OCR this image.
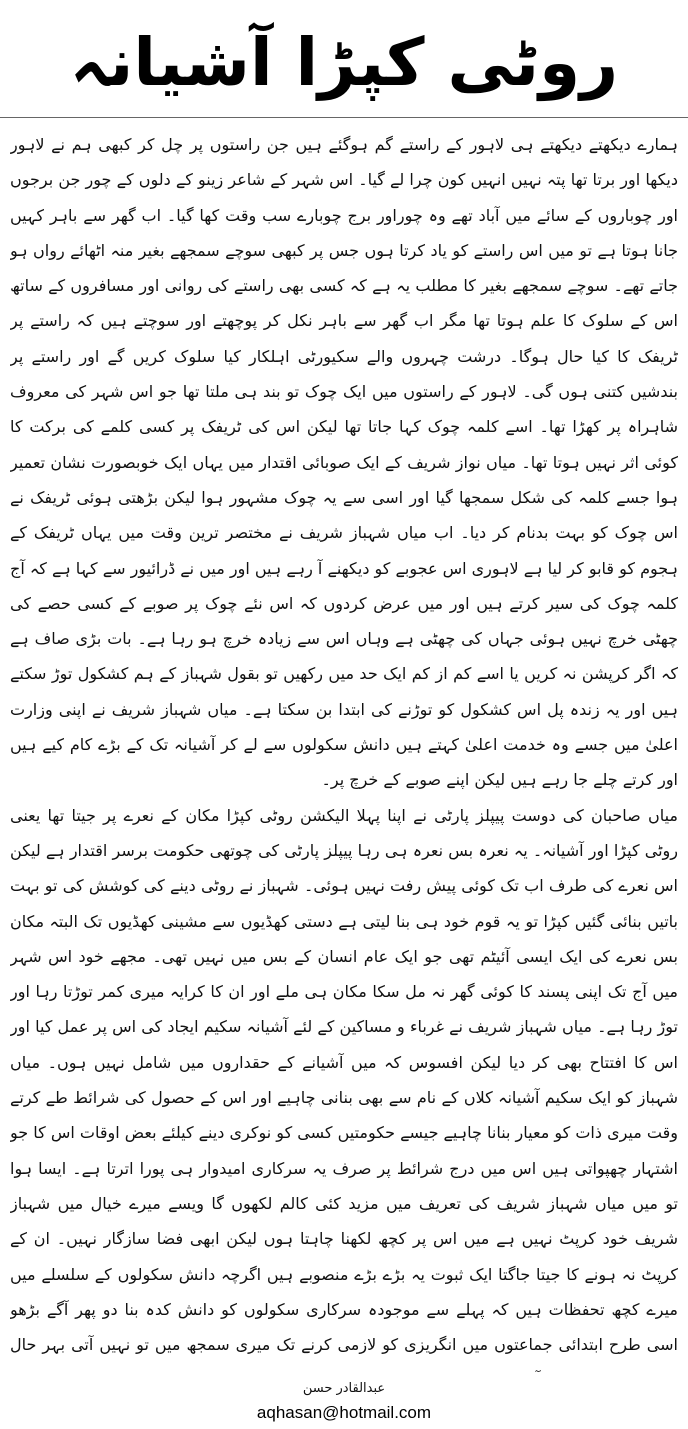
روٹی کپڑا آشیانہ

ہمارے دیکھتے دیکھتے ہی لاہور کے راستے گم ہوگئے ہیں جن راستوں پر چل کر کبھی ہم نے لاہور دیکھا اور برتا تھا پتہ نہیں انہیں کون چرا لے گیا۔ اس شہر کے شاعر زینو کے دلوں کے چور جن برجوں اور چوباروں کے سائے میں آباد تھے وہ چوراور برج چوبارے سب وقت کھا گیا۔ اب گھر سے باہر کہیں جانا ہوتا ہے تو میں اس راستے کو یاد کرتا ہوں جس پر کبھی سوچے سمجھے بغیر منہ اٹھائے رواں ہو جاتے تھے۔ سوچے سمجھے بغیر کا مطلب یہ ہے کہ کسی بھی راستے کی روانی اور مسافروں کے ساتھ اس کے سلوک کا علم ہوتا تھا مگر اب گھر سے باہر نکل کر پوچھتے اور سوچتے ہیں کہ راستے پر ٹریفک کا کیا حال ہوگا۔ درشت چہروں والے سکیورٹی اہلکار کیا سلوک کریں گے اور راستے پر بندشیں کتنی ہوں گی۔ لاہور کے راستوں میں ایک چوک تو بند ہی ملتا تھا جو اس شہر کی معروف شاہراہ پر کھڑا تھا۔ اسے کلمہ چوک کہا جاتا تھا لیکن اس کی ٹریفک پر کسی کلمے کی برکت کا کوئی اثر نہیں ہوتا تھا۔ میاں نواز شریف کے ایک صوبائی اقتدار میں یہاں ایک خوبصورت نشان تعمیر ہوا جسے کلمہ کی شکل سمجھا گیا اور اسی سے یہ چوک مشہور ہوا لیکن بڑھتی ہوئی ٹریفک نے اس چوک کو بہت بدنام کر دیا۔ اب میاں شہباز شریف نے مختصر ترین وقت میں یہاں ٹریفک کے ہجوم کو قابو کر لیا ہے لاہوری اس عجوبے کو دیکھنے آ رہے ہیں اور میں نے ڈرائیور سے کہا ہے کہ آج کلمہ چوک کی سیر کرتے ہیں اور میں عرض کردوں کہ اس نئے چوک پر صوبے کے کسی حصے کی چھٹی خرچ نہیں ہوئی جہاں کی چھٹی ہے وہاں اس سے زیادہ خرچ ہو رہا ہے۔ بات بڑی صاف ہے کہ اگر کرپشن نہ کریں یا اسے کم از کم ایک حد میں رکھیں تو بقول شہباز کے ہم کشکول توڑ سکتے ہیں اور یہ زندہ پل اس کشکول کو توڑنے کی ابتدا بن سکتا ہے۔ میاں شہباز شریف نے اپنی وزارت اعلیٰ میں جسے وہ خدمت اعلیٰ کہتے ہیں دانش سکولوں سے لے کر آشیانہ تک کے بڑے کام کیے ہیں اور کرتے چلے جا رہے ہیں لیکن اپنے صوبے کے خرچ پر۔

میاں صاحبان کی دوست پیپلز پارٹی نے اپنا پہلا الیکشن روٹی کپڑا مکان کے نعرے پر جیتا تھا یعنی روٹی کپڑا اور آشیانہ۔ یہ نعرہ بس نعرہ ہی رہا پیپلز پارٹی کی چوتھی حکومت برسر اقتدار ہے لیکن اس نعرے کی طرف اب تک کوئی پیش رفت نہیں ہوئی۔ شہباز نے روٹی دینے کی کوشش کی تو بہت باتیں بنائی گئیں کپڑا تو یہ قوم خود ہی بنا لیتی ہے دستی کھڈیوں سے مشینی کھڈیوں تک البتہ مکان بس نعرے کی ایک ایسی آئیٹم تھی جو ایک عام انسان کے بس میں نہیں تھی۔ مجھے خود اس شہر میں آج تک اپنی پسند کا کوئی گھر نہ مل سکا مکان ہی ملے اور ان کا کرایہ میری کمر توڑتا رہا اور توڑ رہا ہے۔ میاں شہباز شریف نے غرباء و مساکین کے لئے آشیانہ سکیم ایجاد کی اس پر عمل کیا اور اس کا افتتاح بھی کر دیا لیکن افسوس کہ میں آشیانے کے حقداروں میں شامل نہیں ہوں۔ میاں شہباز کو ایک سکیم آشیانہ کلاں کے نام سے بھی بنانی چاہیے اور اس کے حصول کی شرائط طے کرتے وقت میری ذات کو معیار بنانا چاہیے جیسے حکومتیں کسی کو نوکری دینے کیلئے بعض اوقات اس کا جو اشتہار چھپواتی ہیں اس میں درج شرائط پر صرف یہ سرکاری امیدوار ہی پورا اترتا ہے۔ ایسا ہوا تو میں میاں شہباز شریف کی تعریف میں مزید کئی کالم لکھوں گا ویسے میرے خیال میں شہباز شریف خود کرپٹ نہیں ہے میں اس پر کچھ لکھنا چاہتا ہوں لیکن ابھی فضا سازگار نہیں۔ ان کے کرپٹ نہ ہونے کا جیتا جاگتا ایک ثبوت یہ بڑے بڑے منصوبے ہیں اگرچہ دانش سکولوں کے سلسلے میں میرے کچھ تحفظات ہیں کہ پہلے سے موجودہ سرکاری سکولوں کو دانش کدہ بنا دو پھر آگے بڑھو اسی طرح ابتدائی جماعتوں میں انگریزی کو لازمی کرنے تک میری سمجھ میں تو نہیں آتی بہر حال

عبدالقادر حسن
aqhasan@hotmail.com
